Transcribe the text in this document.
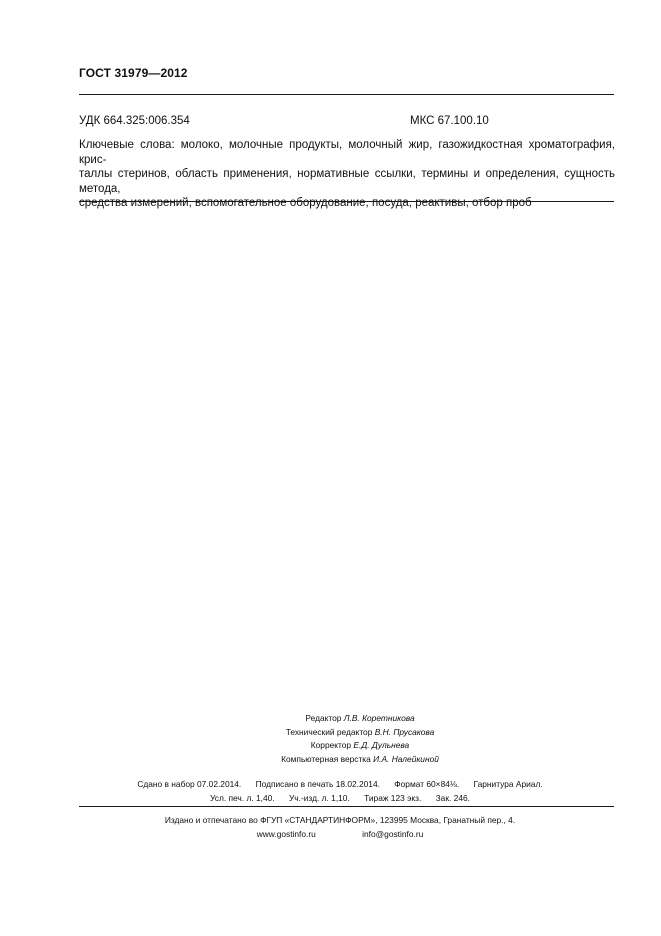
ГОСТ 31979—2012
УДК 664.325:006.354	МКС 67.100.10
Ключевые слова: молоко, молочные продукты, молочный жир, газожидкостная хроматография, крис-
таллы стеринов, область применения, нормативные ссылки, термины и определения, сущность метода,
средства измерений, вспомогательное оборудование, посуда, реактивы, отбор проб
Редактор Л.В. Коретникова
Технический редактор В.Н. Прусакова
Корректор Е.Д. Дульнева
Компьютерная верстка И.А. Налейкиной
Сдано в набор 07.02.2014. Подписано в печать 18.02.2014. Формат 60×84⅛. Гарнитура Ариал.
Усл. печ. л. 1,40. Уч.-изд. л. 1,10. Тираж 123 экз. Зак. 246.
Издано и отпечатано во ФГУП «СТАНДАРТИНФОРМ», 123995 Москва, Гранатный пер., 4.
www.gostinfo.ru	info@gostinfo.ru
